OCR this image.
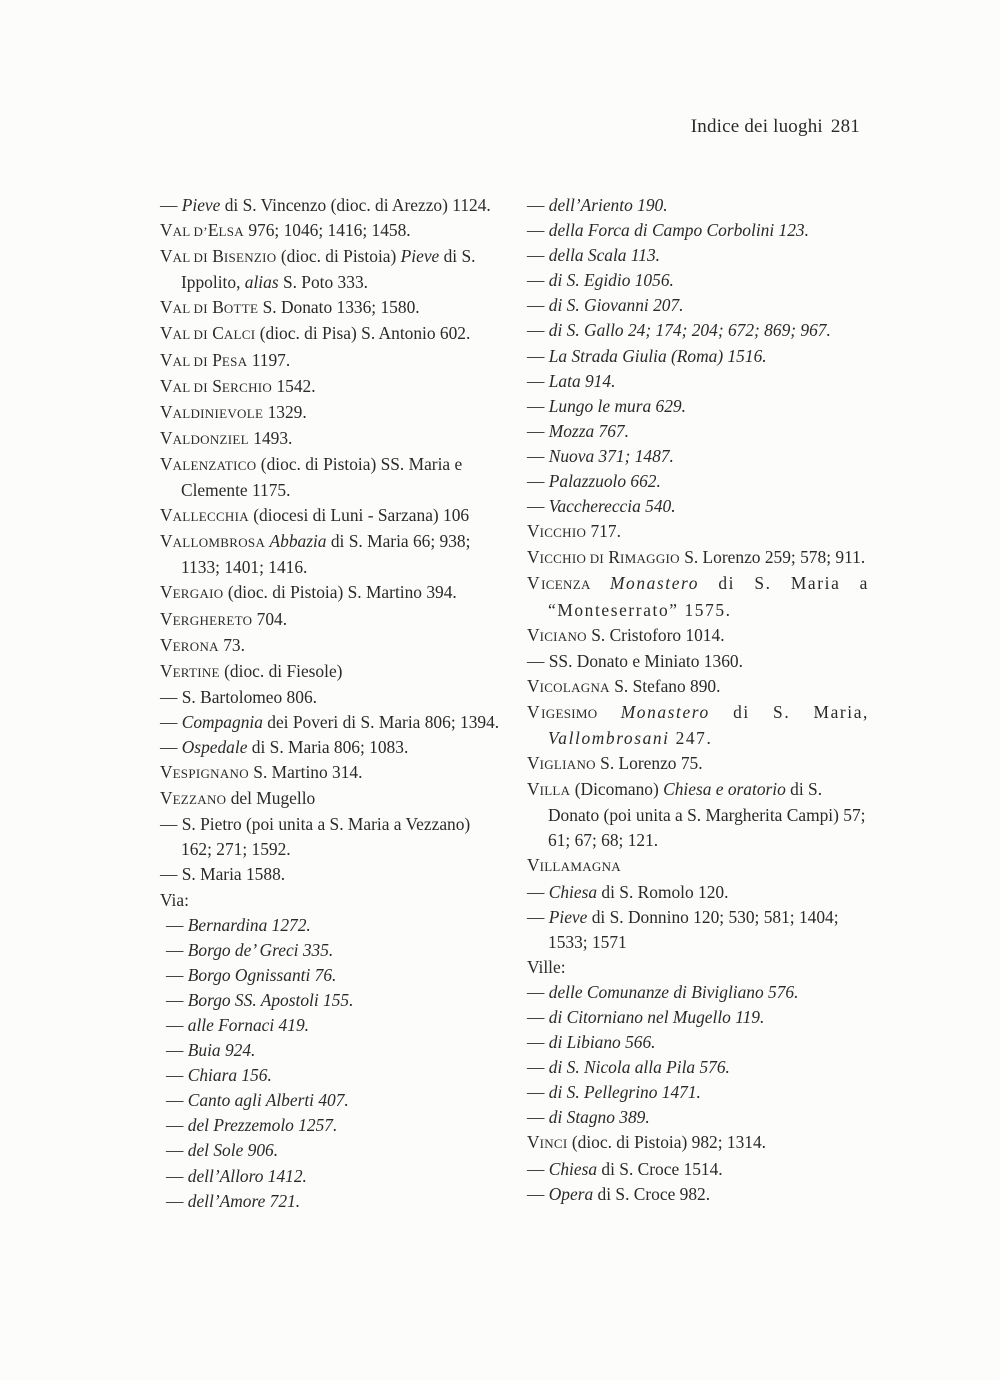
Indice dei luoghi 281
— Pieve di S. Vincenzo (dioc. di Arezzo) 1124.
VAL D’ELSA 976; 1046; 1416; 1458.
VAL DI BISENZIO (dioc. di Pistoia) Pieve di S. Ippolito, alias S. Poto 333.
VAL DI BOTTE S. Donato 1336; 1580.
VAL DI CALCI (dioc. di Pisa) S. Antonio 602.
VAL DI PESA 1197.
VAL DI SERCHIO 1542.
VALDINIEVOLE 1329.
VALDONZIEL 1493.
VALENZATICO (dioc. di Pistoia) SS. Maria e Clemente 1175.
VALLECCHIA (diocesi di Luni - Sarzana) 106
VALLOMBROSA Abbazia di S. Maria 66; 938; 1133; 1401; 1416.
VERGAIO (dioc. di Pistoia) S. Martino 394.
VERGHERETO 704.
VERONA 73.
VERTINE (dioc. di Fiesole)
— S. Bartolomeo 806.
— Compagnia dei Poveri di S. Maria 806; 1394.
— Ospedale di S. Maria 806; 1083.
VESPIGNANO S. Martino 314.
VEZZANO del Mugello
— S. Pietro (poi unita a S. Maria a Vezzano) 162; 271; 1592.
— S. Maria 1588.
Via:
— Bernardina 1272.
— Borgo de’ Greci 335.
— Borgo Ognissanti 76.
— Borgo SS. Apostoli 155.
— alle Fornaci 419.
— Buia 924.
— Chiara 156.
— Canto agli Alberti 407.
— del Prezzemolo 1257.
— del Sole 906.
— dell’Alloro 1412.
— dell’Amore 721.
— dell’Ariento 190.
— della Forca di Campo Corbolini 123.
— della Scala 113.
— di S. Egidio 1056.
— di S. Giovanni 207.
— di S. Gallo 24; 174; 204; 672; 869; 967.
— La Strada Giulia (Roma) 1516.
— Lata 914.
— Lungo le mura 629.
— Mozza 767.
— Nuova 371; 1487.
— Palazzuolo 662.
— Vacchereccia 540.
VICCHIO 717.
VICCHIO DI RIMAGGIO S. Lorenzo 259; 578; 911.
VICENZA Monastero di S. Maria a “Monteserrato” 1575.
VICIANO S. Cristoforo 1014.
— SS. Donato e Miniato 1360.
VICOLAGNA S. Stefano 890.
VIGESIMO Monastero di S. Maria, Vallombrosani 247.
VIGLIANO S. Lorenzo 75.
VILLA (Dicomano) Chiesa e oratorio di S. Donato (poi unita a S. Margherita Campi) 57; 61; 67; 68; 121.
VILLAMAGNA
— Chiesa di S. Romolo 120.
— Pieve di S. Donnino 120; 530; 581; 1404; 1533; 1571
Ville:
— delle Comunanze di Bivigliano 576.
— di Citorniano nel Mugello 119.
— di Libiano 566.
— di S. Nicola alla Pila 576.
— di S. Pellegrino 1471.
— di Stagno 389.
VINCI (dioc. di Pistoia) 982; 1314.
— Chiesa di S. Croce 1514.
— Opera di S. Croce 982.
